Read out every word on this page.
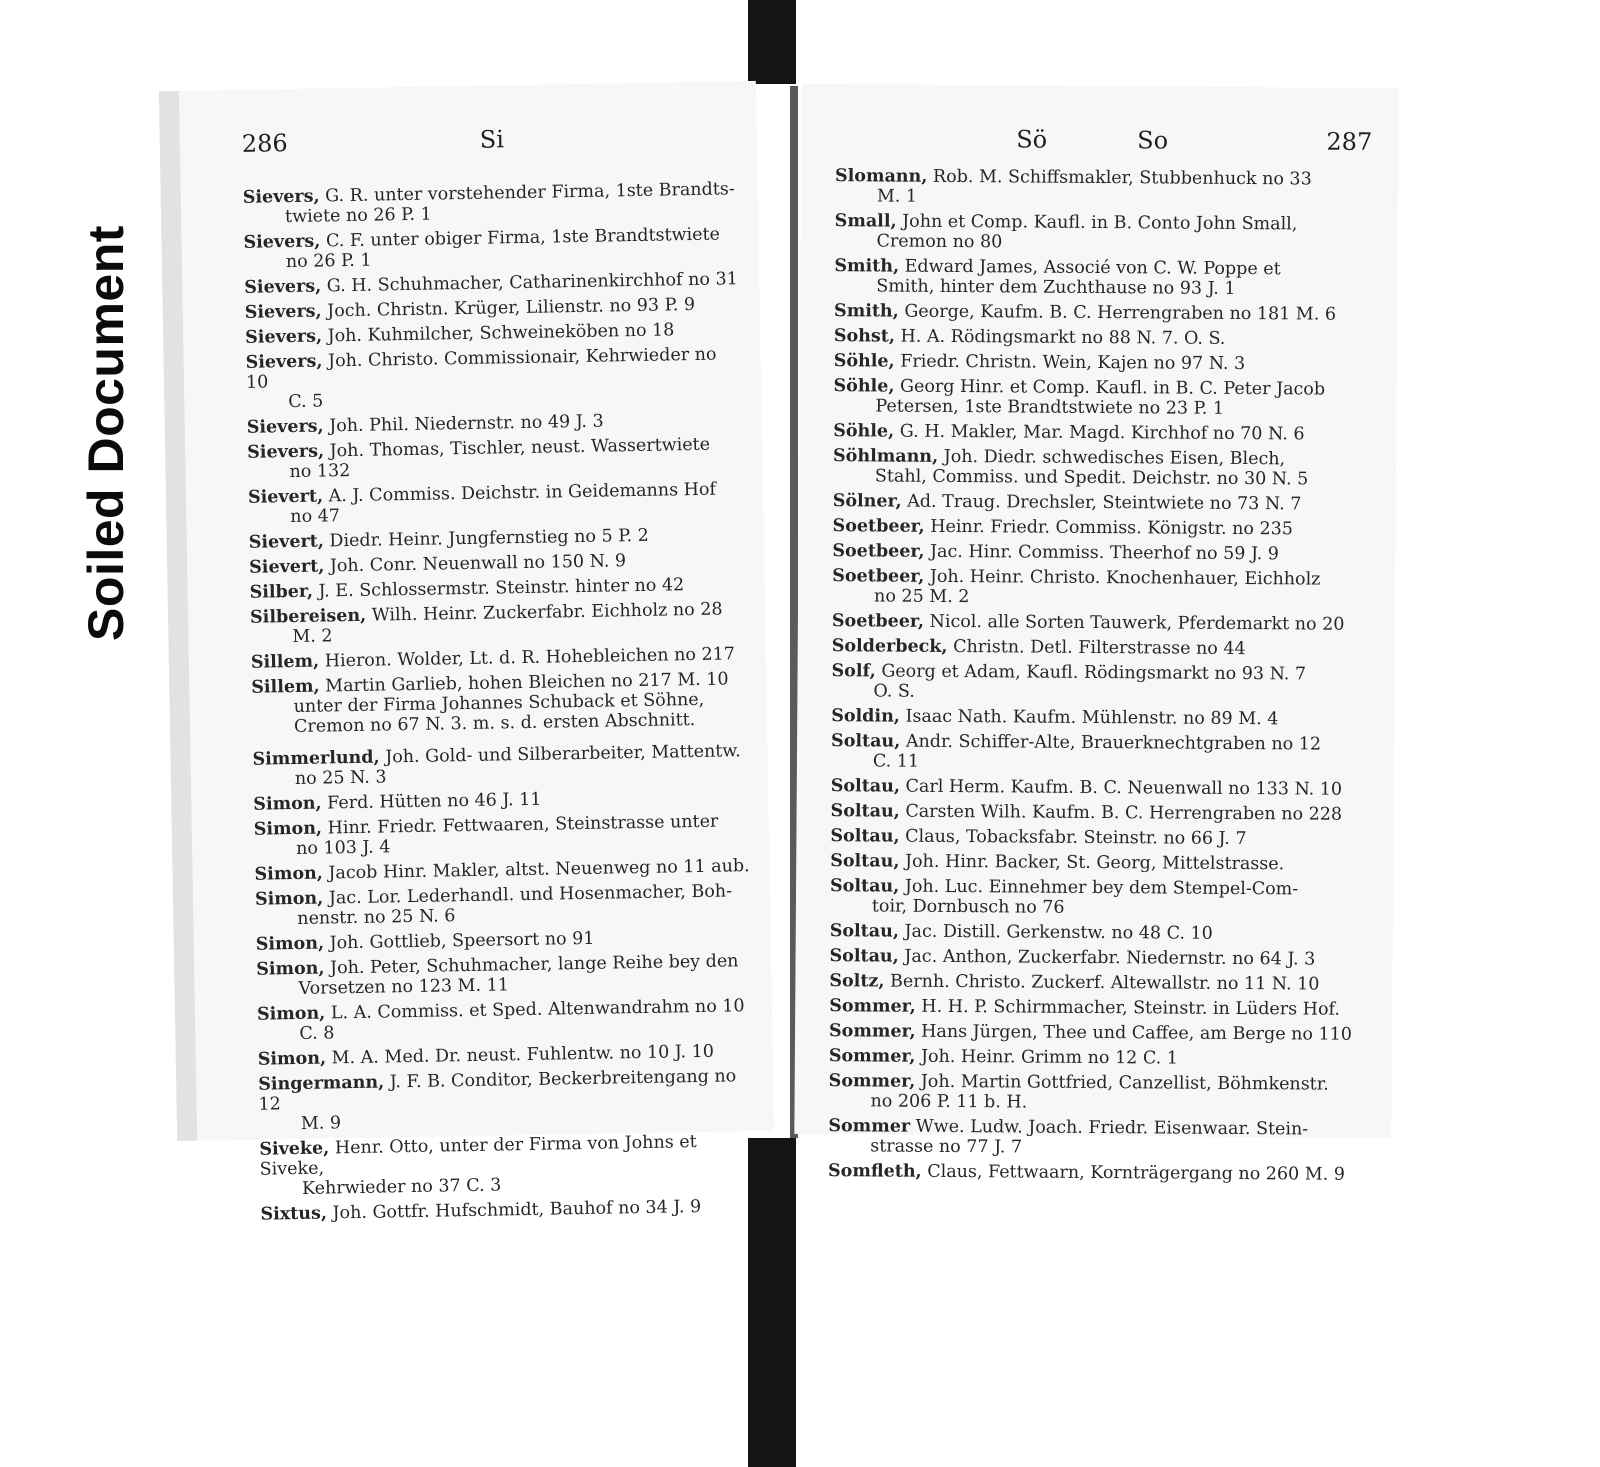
Soiled Document
286	Si
Sievers, G. R. unter vorstehender Firma, 1ste Brandts-
twiete no 26 P. 1
Sievers, C. F. unter obiger Firma, 1ste Brandtstwiete
no 26 P. 1
Sievers, G. H. Schuhmacher, Catharinenkirchhof no 31
Sievers, Joch. Christn. Krüger, Lilienstr. no 93 P. 9
Sievers, Joh. Kuhmilcher, Schweineköben no 18
Sievers, Joh. Christo. Commissionair, Kehrwieder no 10
C. 5
Sievers, Joh. Phil. Niedernstr. no 49 J. 3
Sievers, Joh. Thomas, Tischler, neust. Wassertwiete
no 132
Sievert, A. J. Commiss. Deichstr. in Geidemanns Hof
no 47
Sievert, Diedr. Heinr. Jungfernstieg no 5 P. 2
Sievert, Joh. Conr. Neuenwall no 150 N. 9
Silber, J. E. Schlossermstr. Steinstr. hinter no 42
Silbereisen, Wilh. Heinr. Zuckerfabr. Eichholz no 28
M. 2
Sillem, Hieron. Wolder, Lt. d. R. Hohebleichen no 217
Sillem, Martin Garlieb, hohen Bleichen no 217 M. 10
unter der Firma Johannes Schuback et Söhne, Cremon no 67 N. 3. m. s. d. ersten Abschnitt.
Simmerlund, Joh. Gold- und Silberarbeiter, Mattentw.
no 25 N. 3
Simon, Ferd. Hütten no 46 J. 11
Simon, Hinr. Friedr. Fettwaaren, Steinstrasse unter
no 103 J. 4
Simon, Jacob Hinr. Makler, altst. Neuenweg no 11 aub.
Simon, Jac. Lor. Lederhandl. und Hosenmacher, Boh-
nenstr. no 25 N. 6
Simon, Joh. Gottlieb, Speersort no 91
Simon, Joh. Peter, Schuhmacher, lange Reihe bey den
Vorsetzen no 123 M. 11
Simon, L. A. Commiss. et Sped. Altenwandrahm no 10
C. 8
Simon, M. A. Med. Dr. neust. Fuhlentw. no 10 J. 10
Singermann, J. F. B. Conditor, Beckerbreitengang no 12
M. 9
Siveke, Henr. Otto, unter der Firma von Johns et Siveke,
Kehrwieder no 37 C. 3
Sixtus, Joh. Gottfr. Hufschmidt, Bauhof no 34 J. 9
Sö	So	287
Slomann, Rob. M. Schiffsmakler, Stubbenhuck no 33
M. 1
Small, John et Comp. Kaufl. in B. Conto John Small,
Cremon no 80
Smith, Edward James, Associé von C. W. Poppe et
Smith, hinter dem Zuchthause no 93 J. 1
Smith, George, Kaufm. B. C. Herrengraben no 181 M. 6
Sohst, H. A. Rödingsmarkt no 88 N. 7. O. S.
Söhle, Friedr. Christn. Wein, Kajen no 97 N. 3
Söhle, Georg Hinr. et Comp. Kaufl. in B. C. Peter Jacob
Petersen, 1ste Brandtstwiete no 23 P. 1
Söhle, G. H. Makler, Mar. Magd. Kirchhof no 70 N. 6
Söhlmann, Joh. Diedr. schwedisches Eisen, Blech,
Stahl, Commiss. und Spedit. Deichstr. no 30 N. 5
Sölner, Ad. Traug. Drechsler, Steintwiete no 73 N. 7
Soetbeer, Heinr. Friedr. Commiss. Königstr. no 235
Soetbeer, Jac. Hinr. Commiss. Theerhof no 59 J. 9
Soetbeer, Joh. Heinr. Christo. Knochenhauer, Eichholz
no 25 M. 2
Soetbeer, Nicol. alle Sorten Tauwerk, Pferdemarkt no 20
Solderbeck, Christn. Detl. Filterstrasse no 44
Solf, Georg et Adam, Kaufl. Rödingsmarkt no 93 N. 7
O. S.
Soldin, Isaac Nath. Kaufm. Mühlenstr. no 89 M. 4
Soltau, Andr. Schiffer-Alte, Brauerknechtgraben no 12
C. 11
Soltau, Carl Herm. Kaufm. B. C. Neuenwall no 133 N. 10
Soltau, Carsten Wilh. Kaufm. B. C. Herrengraben no 228
Soltau, Claus, Tobacksfabr. Steinstr. no 66 J. 7
Soltau, Joh. Hinr. Backer, St. Georg, Mittelstrasse.
Soltau, Joh. Luc. Einnehmer bey dem Stempel-Com-
toir, Dornbusch no 76
Soltau, Jac. Distill. Gerkenstw. no 48 C. 10
Soltau, Jac. Anthon, Zuckerfabr. Niedernstr. no 64 J. 3
Soltz, Bernh. Christo. Zuckerf. Altewallstr. no 11 N. 10
Sommer, H. H. P. Schirmmacher, Steinstr. in Lüders Hof.
Sommer, Hans Jürgen, Thee und Caffee, am Berge no 110
Sommer, Joh. Heinr. Grimm no 12 C. 1
Sommer, Joh. Martin Gottfried, Canzellist, Böhmkenstr.
no 206 P. 11 b. H.
Sommer Wwe. Ludw. Joach. Friedr. Eisenwaar. Stein-
strasse no 77 J. 7
Somfleth, Claus, Fettwaarn, Kornträgergang no 260 M. 9
